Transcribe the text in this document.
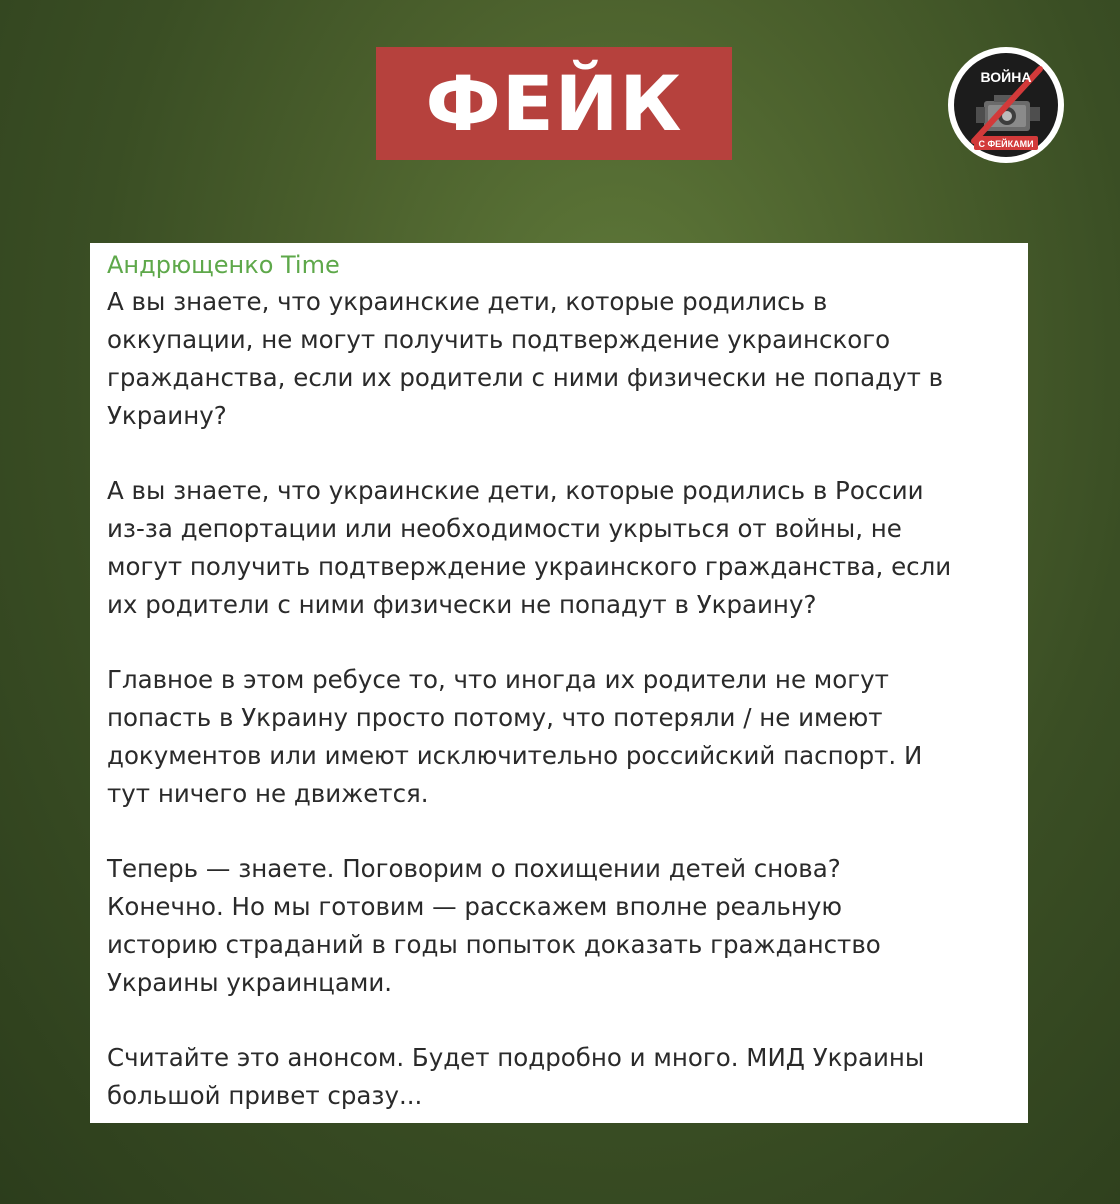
ФЕЙК	ВОЙНА
С ФЕЙКАМИ
Андрющенко Time

А вы знаете, что украинские дети, которые родились в
оккупации, не могут получить подтверждение украинского
гражданства, если их родители с ними физически не попадут в
Украину?

А вы знаете, что украинские дети, которые родились в России
из-за депортации или необходимости укрыться от войны, не
могут получить подтверждение украинского гражданства, если
их родители с ними физически не попадут в Украину?

Главное в этом ребусе то, что иногда их родители не могут
попасть в Украину просто потому, что потеряли / не имеют
документов или имеют исключительно российский паспорт. И
тут ничего не движется.

Теперь — знаете. Поговорим о похищении детей снова?
Конечно. Но мы готовим — расскажем вполне реальную
историю страданий в годы попыток доказать гражданство
Украины украинцами.

Считайте это анонсом. Будет подробно и много. МИД Украины
большой привет сразу...
